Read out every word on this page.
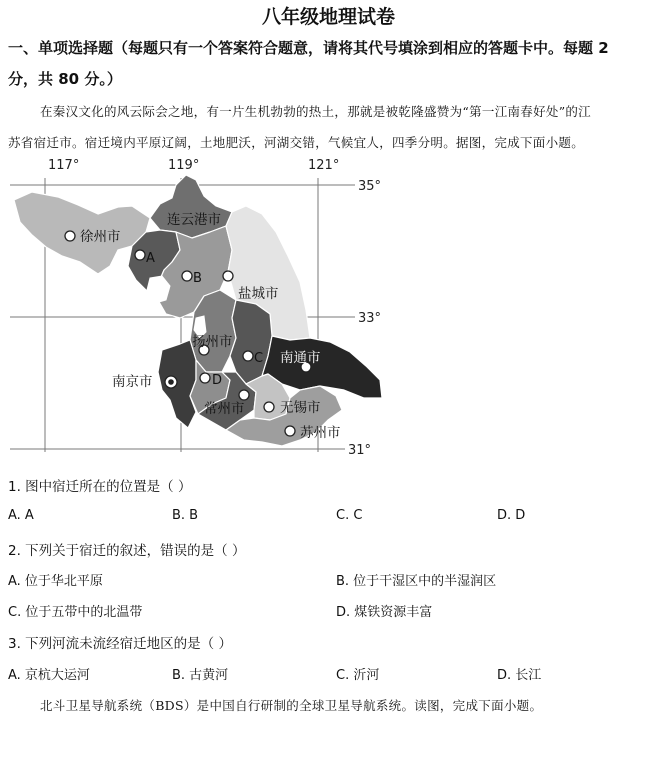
八年级地理试卷
一、单项选择题（每题只有一个答案符合题意，请将其代号填涂到相应的答题卡中。每题 2
分，共 80 分。）
在秦汉文化的风云际会之地，有一片生机勃勃的热土，那就是被乾隆盛赞为“第一江南春好处”的江
苏省宿迁市。宿迁境内平原辽阔，土地肥沃，河湖交错，气候宜人，四季分明。据图，完成下面小题。
117°	119°	121°
35°
33°
31°
徐州市
连云港市
盐城市
扬州市
南通市
南京市
常州市	无锡市
苏州市
A
B
C
D
1. 图中宿迁所在的位置是（ ）
A. A	B. B	C. C	D. D
2. 下列关于宿迁的叙述，错误的是（ ）
A. 位于华北平原	B. 位于干湿区中的半湿润区
C. 位于五带中的北温带	D. 煤铁资源丰富
3. 下列河流未流经宿迁地区的是（ ）
A. 京杭大运河	B. 古黄河	C. 沂河	D. 长江
北斗卫星导航系统（BDS）是中国自行研制的全球卫星导航系统。读图，完成下面小题。
